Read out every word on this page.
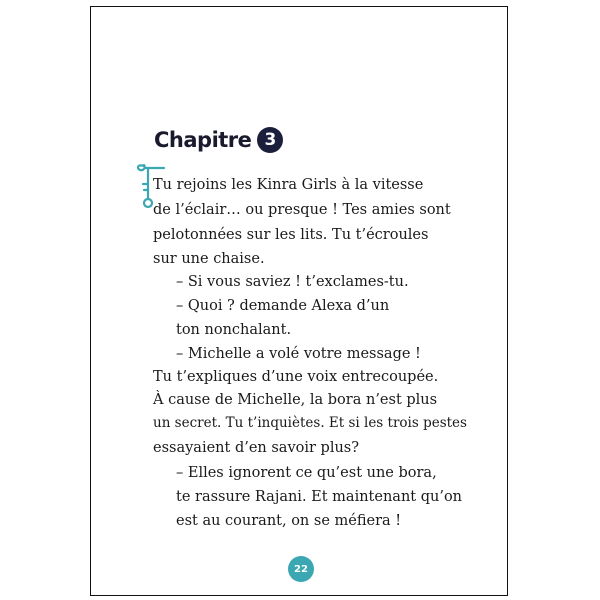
Chapitre 3
Tu rejoins les Kinra Girls à la vitesse
de l’éclair… ou presque ! Tes amies sont
pelotonnées sur les lits. Tu t’écroules
sur une chaise.
– Si vous saviez ! t’exclames-tu.
– Quoi ? demande Alexa d’un
ton nonchalant.
– Michelle a volé votre message !
Tu t’expliques d’une voix entrecoupée.
À cause de Michelle, la bora n’est plus
un secret. Tu t’inquiètes. Et si les trois pestes
essayaient d’en savoir plus?
– Elles ignorent ce qu’est une bora,
te rassure Rajani. Et maintenant qu’on
est au courant, on se méfiera !
22
